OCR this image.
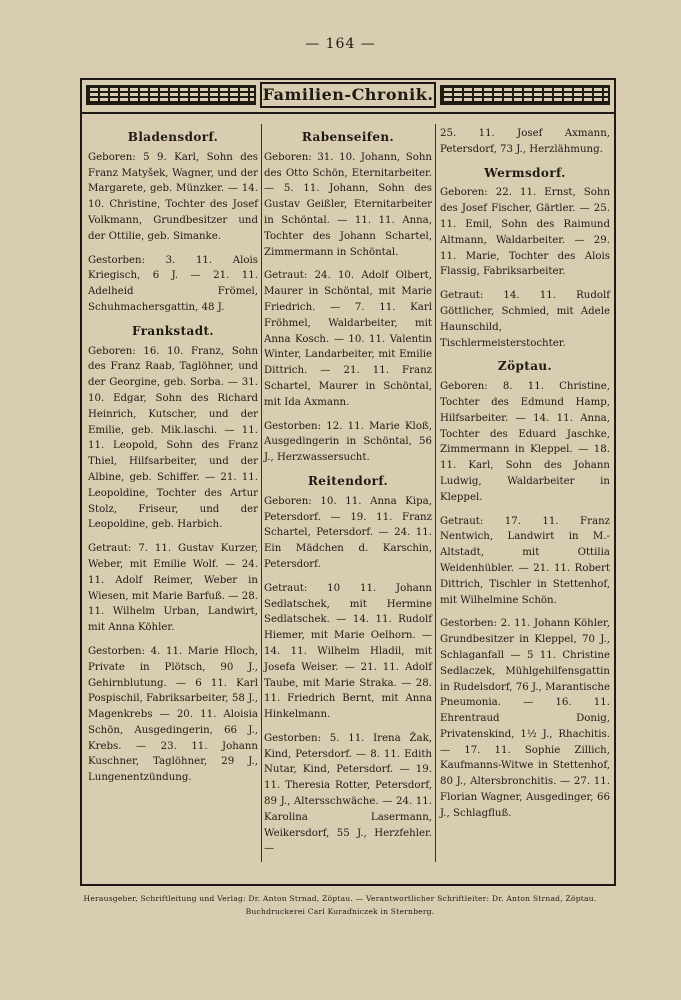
— 164 —
Familien-Chronik.
Bladensdorf.

Geboren: 5 9. Karl, Sohn des Franz Matyšek, Wagner, und der Margarete, geb. Münzker. — 14. 10. Christine, Tochter des Josef Volkmann, Grundbesitzer und der Ottilie, geb. Simanke.

Gestorben: 3. 11. Alois Kriegisch, 6 J. — 21. 11. Adelheid Frömel, Schuhmachersgattin, 48 J.

Frankstadt.

Geboren: 16. 10. Franz, Sohn des Franz Raab, Taglöhner, und der Georgine, geb. Sorba. — 31. 10. Edgar, Sohn des Richard Heinrich, Kutscher, und der Emilie, geb. Mik.laschi. — 11. 11. Leopold, Sohn des Franz Thiel, Hilfsarbeiter, und der Albine, geb. Schiffer. — 21. 11. Leopoldine, Tochter des Artur Stolz, Friseur, und der Leopoldine, geb. Harbich.

Getraut: 7. 11. Gustav Kurzer, Weber, mit Emilie Wolf. — 24. 11. Adolf Reimer, Weber in Wiesen, mit Marie Barfuß. — 28. 11. Wilhelm Urban, Landwirt, mit Anna Köhler.

Gestorben: 4. 11. Marie Hloch, Private in Plötsch, 90 J., Gehirnblutung. — 6 11. Karl Pospischil, Fabriksarbeiter, 58 J., Magenkrebs — 20. 11. Aloisia Schön, Ausgedingerin, 66 J., Krebs. — 23. 11. Johann Kuschner, Taglöhner, 29 J., Lungenentzündung.

Rabenseifen.

Geboren: 31. 10. Johann, Sohn des Otto Schön, Eternitarbeiter. — 5. 11. Johann, Sohn des Gustav Geißler, Eternitarbeiter in Schöntal. — 11. 11. Anna, Tochter des Johann Schartel, Zimmermann in Schöntal.

Getraut: 24. 10. Adolf Olbert, Maurer in Schöntal, mit Marie Friedrich. — 7. 11. Karl Fröhmel, Waldarbeiter, mit Anna Kosch. — 10. 11. Valentin Winter, Landarbeiter, mit Emilie Dittrich. — 21. 11. Franz Schartel, Maurer in Schöntal, mit Ida Axmann.

Gestorben: 12. 11. Marie Kloß, Ausgedingerin in Schöntal, 56 J., Herzwassersucht.

Reitendorf.

Geboren: 10. 11. Anna Kipa, Petersdorf. — 19. 11. Franz Schartel, Petersdorf. — 24. 11. Ein Mädchen d. Karschin, Petersdorf.

Getraut: 10 11. Johann Sedlatschek, mit Hermine Sedlatschek. — 14. 11. Rudolf Hiemer, mit Marie Oelhorn. — 14. 11. Wilhelm Hladil, mit Josefa Weiser. — 21. 11. Adolf Taube, mit Marie Straka. — 28. 11. Friedrich Bernt, mit Anna Hinkelmann.

Gestorben: 5. 11. Irena Žak, Kind, Petersdorf. — 8. 11. Edith Nutar, Kind, Petersdorf. — 19. 11. Theresia Rotter, Petersdorf, 89 J., Altersschwäche. — 24. 11. Karolina Lasermann, Weikersdorf, 55 J., Herzfehler. —

25. 11. Josef Axmann, Petersdorf, 73 J., Herzlähmung.

Wermsdorf.

Geboren: 22. 11. Ernst, Sohn des Josef Fischer, Gärtler. — 25. 11. Emil, Sohn des Raimund Altmann, Waldarbeiter. — 29. 11. Marie, Tochter des Alois Flassig, Fabriksarbeiter.

Getraut: 14. 11. Rudolf Göttlicher, Schmied, mit Adele Haunschild, Tischlermeisterstochter.

Zöptau.

Geboren: 8. 11. Christine, Tochter des Edmund Hamp, Hilfsarbeiter. — 14. 11. Anna, Tochter des Eduard Jaschke, Zimmermann in Kleppel. — 18. 11. Karl, Sohn des Johann Ludwig, Waldarbeiter in Kleppel.

Getraut: 17. 11. Franz Nentwich, Landwirt in M.-Altstadt, mit Ottilia Weidenhübler. — 21. 11. Robert Dittrich, Tischler in Stettenhof, mit Wilhelmine Schön.

Gestorben: 2. 11. Johann Köhler, Grundbesitzer in Kleppel, 70 J., Schlaganfall — 5 11. Christine Sedlaczek, Mühlgehilfensgattin in Rudelsdorf, 76 J., Marantische Pneumonia. — 16. 11. Ehrentraud Donig, Privatenskind, 1½ J., Rhachitis. — 17. 11. Sophie Zillich, Kaufmanns-Witwe in Stettenhof, 80 J., Altersbronchitis. — 27. 11. Florian Wagner, Ausgedinger, 66 J., Schlagfluß.

Herausgeber, Schriftleitung und Verlag: Dr. Anton Strnad, Zöptau. — Verantwortlicher Schriftleiter: Dr. Anton Strnad, Zöptau.
Buchdruckerei Carl Kuraďniczek in Sternberg.
